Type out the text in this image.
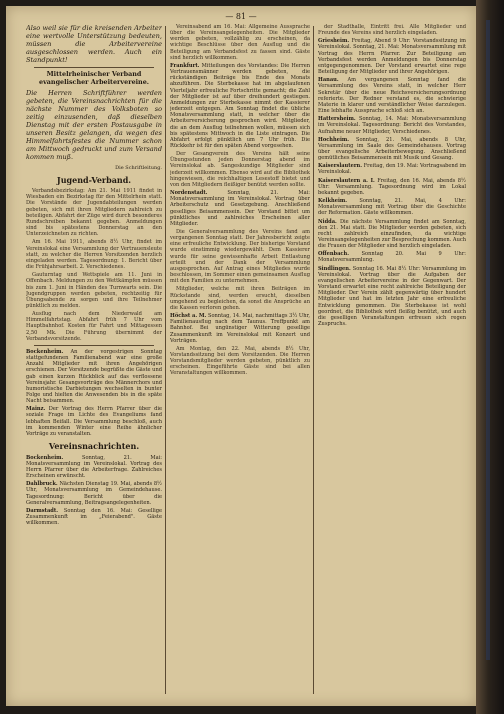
— 81 —
Also weil sie für die kreisenden Arbeiter eine wertvolle Unterstützung bedeuten, müssen die Arbeitervereine ausgeschlossen werden. Auch ein Standpunkt!
Mittelrheinischer Verband evangelischer Arbeitervereine.
Die Herren Schriftführer werden gebeten, die Vereinsnachrichten für die nächste Nummer des Volksboten so zeitig einzusenden, daß dieselben Dienstag mit der ersten Postausgabe in unseren Besitz gelangen, da wegen des Himmelfahrtsfestes die Nummer schon am Mittwoch gedruckt und zum Versand kommen muß.
Die Schriftleitung.
Jugend-Verband.

Verbandsbezirkstag: Am 21. Mai 1911 findet in Wiesbaden ein Bezirkstag für den Mittelrhein statt. Die Vorstände der Jugendabteilungen werden gebeten, sich mit ihren Mitgliedern zahlreich zu beteiligen. Abfahrt der Züge wird durch besonderes Rundschreiben bekannt gegeben. Anmeldungen sind bis spätestens Donnerstag an den Unterzeichneten zu richten.

Am 16. Mai 1911, abends 8½ Uhr, findet im Vereinslokal eine Versammlung der Vertrauensleute statt, zu welcher die Herren Vorsitzenden herzlich eingeladen werden. Tagesordnung: 1. Bericht über die Frühjahrsarbeit. 2. Verschiedenes.

Gauturntag und Wettspiele am 11. Juni in Offenbach. Meldungen zu den Wettkämpfen müssen bis zum 1. Juni in Händen des Turnwarts sein. Die Jugendgruppen werden gebeten, rechtzeitig für Übungsabende zu sorgen und ihre Teilnehmer pünktlich zu melden.

Ausflug nach dem Niederwald am Himmelfahrtstag. Abfahrt früh 7 Uhr vom Hauptbahnhof. Kosten für Fahrt und Mittagessen 2,50 Mk. Die Führung übernimmt der Verbandsvorsitzende.

Bockenheim. An der vorgestrigen Sonntag stattgefundenen Familienabend war eine große Anzahl Mitglieder mit ihren Angehörigen erschienen. Der Vorsitzende begrüßte die Gäste und gab einen kurzen Rückblick auf das verflossene Vereinsjahr. Gesangsvorträge des Männerchors und humoristische Darbietungen wechselten in bunter Folge und hielten die Anwesenden bis in die späte Nacht beisammen.

Mainz. Der Vortrag des Herrn Pfarrer über die soziale Frage im Lichte des Evangeliums fand lebhaften Beifall. Die Versammlung beschloß, auch im kommenden Winter eine Reihe ähnlicher Vorträge zu veranstalten.

Vereinsnachrichten.

Bockenheim. Sonntag, 21. Mai: Monatsversammlung im Vereinslokal. Vortrag des Herrn Pfarrer über die Arbeiterfrage. Zahlreiches Erscheinen erwünscht.

Dahlbruck. Nächsten Dienstag 19. Mai, abends 8½ Uhr, Monatsversammlung im Gemeindehause. Tagesordnung: Bericht über die Generalversammlung, Beitragsangelegenheiten.

Darmstadt. Sonntag den 16. Mai: Gesellige Zusammenkunft im „Feierabend". Gäste willkommen.

Vereinsabend am 16. Mai: Allgemeine Aussprache über die Vereinsangelegenheiten. Die Mitglieder werden gebeten, vollzählig zu erscheinen, da wichtige Beschlüsse über den Ausflug und die Beteiligung am Verbandsfest zu fassen sind. Gäste sind herzlich willkommen.

Frankfurt. Mitteilungen des Vorstandes: Die Herren Vertrauensmänner werden gebeten, die rückständigen Beiträge bis Ende des Monats abzuführen. Die Sterbekasse hat im abgelaufenen Vierteljahr erfreuliche Fortschritte gemacht; die Zahl der Mitglieder ist auf über dreihundert gestiegen. Anmeldungen zur Sterbekasse nimmt der Kassierer jederzeit entgegen. Am Sonntag findet die übliche Monatsversammlung statt, in welcher über die Arbeiterversicherung gesprochen wird. Mitglieder, die an dem Ausflug teilnehmen wollen, müssen sich bis spätestens Mittwoch in die Liste eintragen. Die Abfahrt erfolgt pünktlich um 7 Uhr früh. Die Rückkehr ist für den späten Abend vorgesehen.

Der Gesangverein des Vereins hält seine Übungsstunden jeden Donnerstag abend im Vereinslokal ab. Sangeskundige Mitglieder sind jederzeit willkommen. Ebenso wird auf die Bibliothek hingewiesen, die reichhaltigen Lesestoff bietet und von den Mitgliedern fleißiger benützt werden sollte.

Nordenstadt. Sonntag, 21. Mai: Monatsversammlung im Vereinslokal. Vortrag über Arbeiterschutz und Gesetzgebung. Anschließend geselliges Beisammensein. Der Vorstand bittet um pünktliches und zahlreiches Erscheinen aller Mitglieder.

Die Generalversammlung des Vereins fand am vergangenen Sonntag statt. Der Jahresbericht zeigte eine erfreuliche Entwicklung. Der bisherige Vorstand wurde einstimmig wiedergewählt. Dem Kassierer wurde für seine gewissenhafte Arbeit Entlastung erteilt und der Dank der Versammlung ausgesprochen. Auf Antrag eines Mitgliedes wurde beschlossen, im Sommer einen gemeinsamen Ausflug mit den Familien zu unternehmen.

Mitglieder, welche mit ihren Beiträgen im Rückstande sind, werden ersucht, dieselben umgehend zu begleichen, da sonst die Ansprüche an die Kassen verloren gehen.

Höchst a. M. Sonntag, 14. Mai, nachmittags 3½ Uhr, Familienausflug nach dem Taunus. Treffpunkt am Bahnhof. Bei ungünstiger Witterung gesellige Zusammenkunft im Vereinslokal mit Konzert und Vorträgen.

Am Montag, den 22. Mai, abends 8½ Uhr, Vorstandssitzung bei dem Vorsitzenden. Die Herren Vorstandsmitglieder werden gebeten, pünktlich zu erscheinen. Eingeführte Gäste sind bei allen Veranstaltungen willkommen.

der Stadthalle, Eintritt frei. Alle Mitglieder und Freunde des Vereins sind herzlich eingeladen.

Griesheim. Freitag, Abend 9 Uhr: Vorstandssitzung im Vereinslokal. Sonntag, 21. Mai: Monatsversammlung mit Vortrag des Herrn Pfarrer. Zur Beteiligung am Verbandsfest werden Anmeldungen bis Donnerstag entgegengenommen. Der Vorstand erwartet eine rege Beteiligung der Mitglieder und ihrer Angehörigen.

Hanau. Am vergangenen Sonntag fand die Versammlung des Vereins statt, in welcher Herr Sekretär über die neue Reichsversicherungsordnung referierte. Der Redner verstand es, die schwierige Materie in klarer und verständlicher Weise darzulegen. Eine lebhafte Aussprache schloß sich an.

Hattersheim. Sonntag, 14. Mai: Monatsversammlung im Vereinslokal. Tagesordnung: Bericht des Vorstandes, Aufnahme neuer Mitglieder, Verschiedenes.

Hochheim. Sonntag, 21. Mai, abends 8 Uhr, Versammlung im Saale des Gemeindehauses. Vortrag über evangelische Arbeiterbewegung. Anschließend gemütliches Beisammensein mit Musik und Gesang.

Kaiserslautern. Freitag, den 19. Mai: Vortragsabend im Vereinslokal.

Kaiserslautern a. I. Freitag, den 16. Mai, abends 8½ Uhr: Versammlung. Tagesordnung wird im Lokal bekannt gegeben.

Kelkheim. Sonntag, 21. Mai, 4 Uhr: Monatsversammlung mit Vortrag über die Geschichte der Reformation. Gäste willkommen.

Nidda. Die nächste Versammlung findet am Sonntag, den 21. Mai statt. Die Mitglieder werden gebeten, sich recht zahlreich einzufinden, da wichtige Vereinsangelegenheiten zur Besprechung kommen. Auch die Frauen der Mitglieder sind herzlich eingeladen.

Offenbach. Sonntag 20. Mai 9 Uhr: Monatsversammlung.

Sindlingen. Sonntag 16. Mai 8½ Uhr: Versammlung im Vereinslokal. Vortrag über die Aufgaben der evangelischen Arbeitervereine in der Gegenwart. Der Vorstand erwartet eine recht zahlreiche Beteiligung der Mitglieder. Der Verein zählt gegenwärtig über hundert Mitglieder und hat im letzten Jahr eine erfreuliche Entwicklung genommen. Die Sterbekasse ist wohl geordnet, die Bibliothek wird fleißig benützt, und auch die geselligen Veranstaltungen erfreuen sich regen Zuspruchs.
